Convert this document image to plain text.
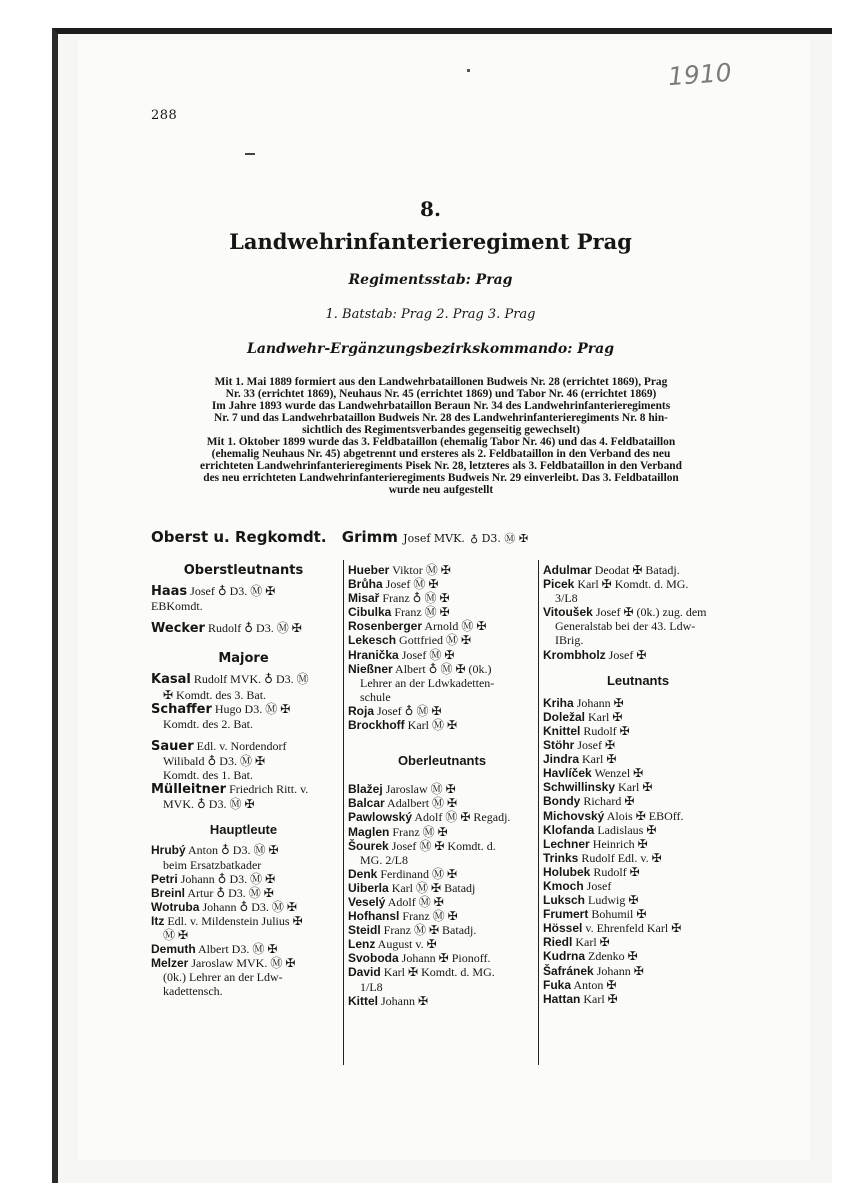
1910
288
8.
Landwehrinfanterieregiment Prag
Regimentsstab: Prag
1. Batstab: Prag 2. Prag 3. Prag
Landwehr-Ergänzungsbezirkskommando: Prag

Mit 1. Mai 1889 formiert aus den Landwehrbataillonen Budweis Nr. 28 (errichtet 1869), Prag

Nr. 33 (errichtet 1869), Neuhaus Nr. 45 (errichtet 1869) und Tabor Nr. 46 (errichtet 1869)

Im Jahre 1893 wurde das Landwehrbataillon Beraun Nr. 34 des Landwehrinfanterieregiments

Nr. 7 und das Landwehrbataillon Budweis Nr. 28 des Landwehrinfanterieregiments Nr. 8 hin-

sichtlich des Regimentsverbandes gegenseitig gewechselt)

Mit 1. Oktober 1899 wurde das 3. Feldbataillon (ehemalig Tabor Nr. 46) und das 4. Feldbataillon

(ehemalig Neuhaus Nr. 45) abgetrennt und ersteres als 2. Feldbataillon in den Verband des neu

errichteten Landwehrinfanterieregiments Pisek Nr. 28, letzteres als 3. Feldbataillon in den Verband

des neu errichteten Landwehrinfanterieregiments Budweis Nr. 29 einverleibt. Das 3. Feldbataillon

wurde neu aufgestellt

Oberst u. Regkomdt. Grimm Josef MVK. ♁ D3. Ⓜ ✠
Oberstleutnants
Haas Josef ♁ D3. Ⓜ ✠
EBKomdt.
Wecker Rudolf ♁ D3. Ⓜ ✠
Majore
Kasal Rudolf MVK. ♁ D3. Ⓜ
✠ Komdt. des 3. Bat.
Schaffer Hugo D3. Ⓜ ✠
Komdt. des 2. Bat.
Sauer Edl. v. Nordendorf
Wilibald ♁ D3. Ⓜ ✠
Komdt. des 1. Bat.
Mülleitner Friedrich Ritt. v.
MVK. ♁ D3. Ⓜ ✠
Hauptleute
Hrubý Anton ♁ D3. Ⓜ ✠
beim Ersatzbatkader
Petri Johann ♁ D3. Ⓜ ✠
Breinl Artur ♁ D3. Ⓜ ✠
Wotruba Johann ♁ D3. Ⓜ ✠
Itz Edl. v. Mildenstein Julius ✠
Ⓜ ✠
Demuth Albert D3. Ⓜ ✠
Melzer Jaroslaw MVK. Ⓜ ✠
(0k.) Lehrer an der Ldw-
kadettensch.
Hueber Viktor Ⓜ ✠
Brůha Josef Ⓜ ✠
Misař Franz ♁ Ⓜ ✠
Cibulka Franz Ⓜ ✠
Rosenberger Arnold Ⓜ ✠
Lekesch Gottfried Ⓜ ✠
Hranička Josef Ⓜ ✠
Nießner Albert ♁ Ⓜ ✠ (0k.)
Lehrer an der Ldwkadetten-
schule
Roja Josef ♁ Ⓜ ✠
Brockhoff Karl Ⓜ ✠
Oberleutnants
Blažej Jaroslaw Ⓜ ✠
Balcar Adalbert Ⓜ ✠
Pawlowský Adolf Ⓜ ✠ Regadj.
Maglen Franz Ⓜ ✠
Šourek Josef Ⓜ ✠ Komdt. d.
MG. 2/L8
Denk Ferdinand Ⓜ ✠
Uiberla Karl Ⓜ ✠ Batadj
Veselý Adolf Ⓜ ✠
Hofhansl Franz Ⓜ ✠
Steidl Franz Ⓜ ✠ Batadj.
Lenz August v. ✠
Svoboda Johann ✠ Pionoff.
David Karl ✠ Komdt. d. MG.
1/L8
Kittel Johann ✠
Adulmar Deodat ✠ Batadj.
Picek Karl ✠ Komdt. d. MG.
3/L8
Vitoušek Josef ✠ (0k.) zug. dem
Generalstab bei der 43. Ldw-
IBrig.
Krombholz Josef ✠
Leutnants
Kriha Johann ✠
Doležal Karl ✠
Knittel Rudolf ✠
Stöhr Josef ✠
Jindra Karl ✠
Havlíček Wenzel ✠
Schwillinsky Karl ✠
Bondy Richard ✠
Michovský Alois ✠ EBOff.
Klofanda Ladislaus ✠
Lechner Heinrich ✠
Trinks Rudolf Edl. v. ✠
Holubek Rudolf ✠
Kmoch Josef
Luksch Ludwig ✠
Frumert Bohumil ✠
Hössel v. Ehrenfeld Karl ✠
Riedl Karl ✠
Kudrna Zdenko ✠
Šafránek Johann ✠
Fuka Anton ✠
Hattan Karl ✠
